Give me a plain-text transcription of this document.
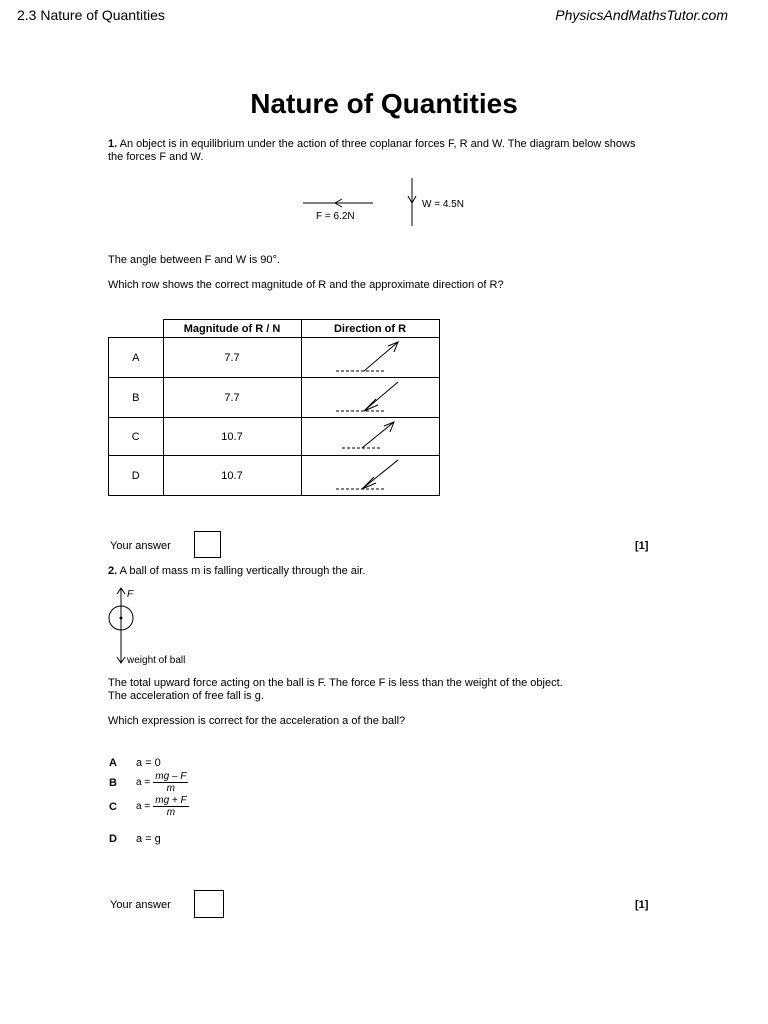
2.3 Nature of Quantities	PhysicsAndMathsTutor.com
Nature of Quantities
1. An object is in equilibrium under the action of three coplanar forces F, R and W. The diagram below shows
the forces F and W.
F = 6.2N
W = 4.5N
The angle between F and W is 90°.
Which row shows the correct magnitude of R and the approximate direction of R?
	Magnitude of R / N	Direction of R
A	7.7	
B	7.7	
C	10.7	
D	10.7	
Your answer	[1]
2. A ball of mass m is falling vertically through the air.
F
weight of ball
The total upward force acting on the ball is F. The force F is less than the weight of the object.
The acceleration of free fall is g.
Which expression is correct for the acceleration a of the ball?
A a = 0
B $a = \frac{mg - F}{m}$
C $a = \frac{mg + F}{m}$
D a = g
Your answer	[1]
